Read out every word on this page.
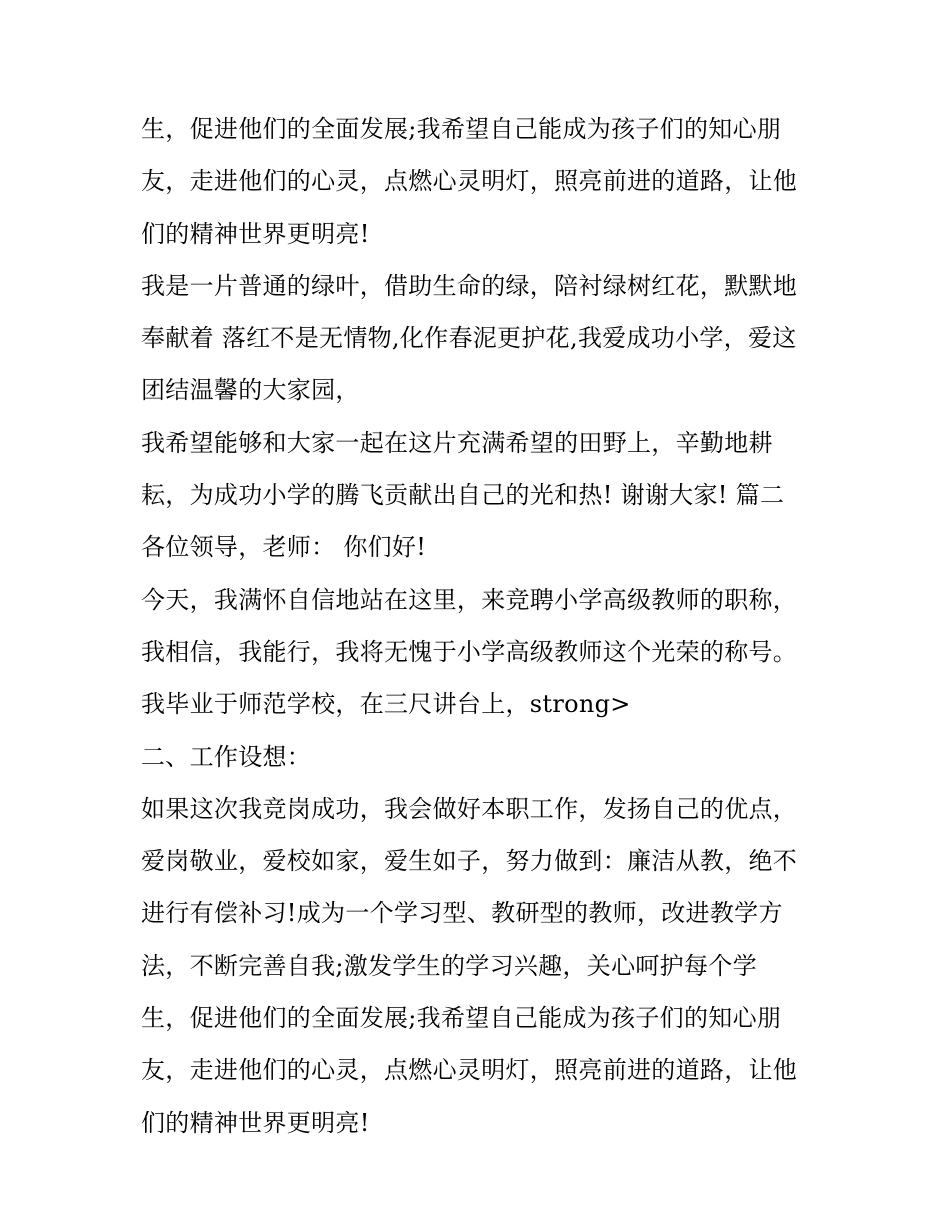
生，促进他们的全面发展;我希望自己能成为孩子们的知心朋
友，走进他们的心灵，点燃心灵明灯，照亮前进的道路，让他
们的精神世界更明亮!
我是一片普通的绿叶，借助生命的绿，陪衬绿树红花，默默地
奉献着 落红不是无情物,化作春泥更护花,我爱成功小学，爱这
团结温馨的大家园，
我希望能够和大家一起在这片充满希望的田野上，辛勤地耕
耘，为成功小学的腾飞贡献出自己的光和热! 谢谢大家! 篇二
各位领导，老师： 你们好!
今天，我满怀自信地站在这里，来竞聘小学高级教师的职称，
我相信，我能行，我将无愧于小学高级教师这个光荣的称号。
我毕业于师范学校，在三尺讲台上，strong>
二、工作设想：
如果这次我竞岗成功，我会做好本职工作，发扬自己的优点，
爱岗敬业，爱校如家，爱生如子，努力做到：廉洁从教，绝不
进行有偿补习!成为一个学习型、教研型的教师，改进教学方
法，不断完善自我;激发学生的学习兴趣，关心呵护每个学
生，促进他们的全面发展;我希望自己能成为孩子们的知心朋
友，走进他们的心灵，点燃心灵明灯，照亮前进的道路，让他
们的精神世界更明亮!
